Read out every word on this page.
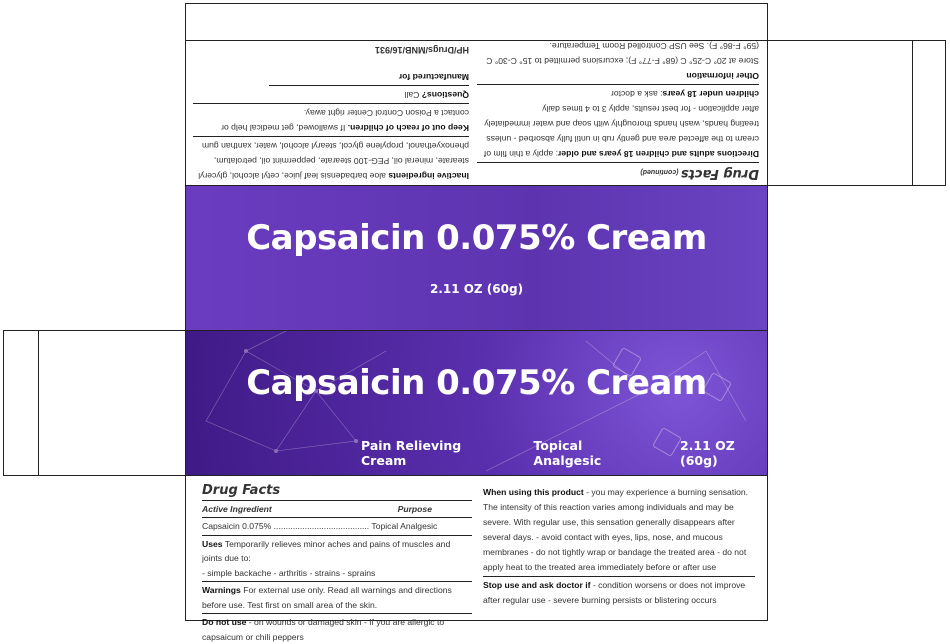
Drug Facts (continued)
Directions adults and children 18 years and older: apply a thin film of cream to the affected area and gently rub in until fully absorbed - unless treating hands, wash hands thoroughly with soap and water immediately after application - for best results, apply 3 to 4 times daily
children under 18 years: ask a doctor
Other information
Store at 20° C-25° C (68° F-77° F); excursions permitted to 15° C-30° C (59° F-86° F). See USP Controlled Room Temperature.
Inactive ingredients aloe barbadensis leaf juice, cetyl alcohol, glyceryl stearate, mineral oil, PEG-100 stearate, peppermint oil, petrolatum, phenoxyethanol, propylene glycol, stearyl alcohol, water, xanthan gum
Keep out of reach of children. If swallowed, get medical help or contact a Poison Control Center right away.
Questions? Call
Manufactured for
HP/Drugs/MNB/16/931
Capsaicin 0.075% Cream
2.11 OZ (60g)
Capsaicin 0.075% Cream
Pain Relieving Cream
Topical Analgesic
2.11 OZ (60g)
Drug Facts
Active Ingredient	Purpose
Capsaicin 0.075% ........................................ Topical Analgesic
Uses Temporarily relieves minor aches and pains of muscles and joints due to:
- simple backache - arthritis - strains - sprains
Warnings For external use only. Read all warnings and directions before use. Test first on small area of the skin.
Do not use - on wounds or damaged skin - If you are allergic to capsaicum or chili peppers
When using this product - you may experience a burning sensation. The intensity of this reaction varies among individuals and may be severe. With regular use, this sensation generally disappears after several days. - avoid contact with eyes, lips, nose, and mucous membranes - do not tightly wrap or bandage the treated area - do not apply heat to the treated area immediately before or after use
Stop use and ask doctor if - condition worsens or does not improve after regular use - severe burning persists or blistering occurs
